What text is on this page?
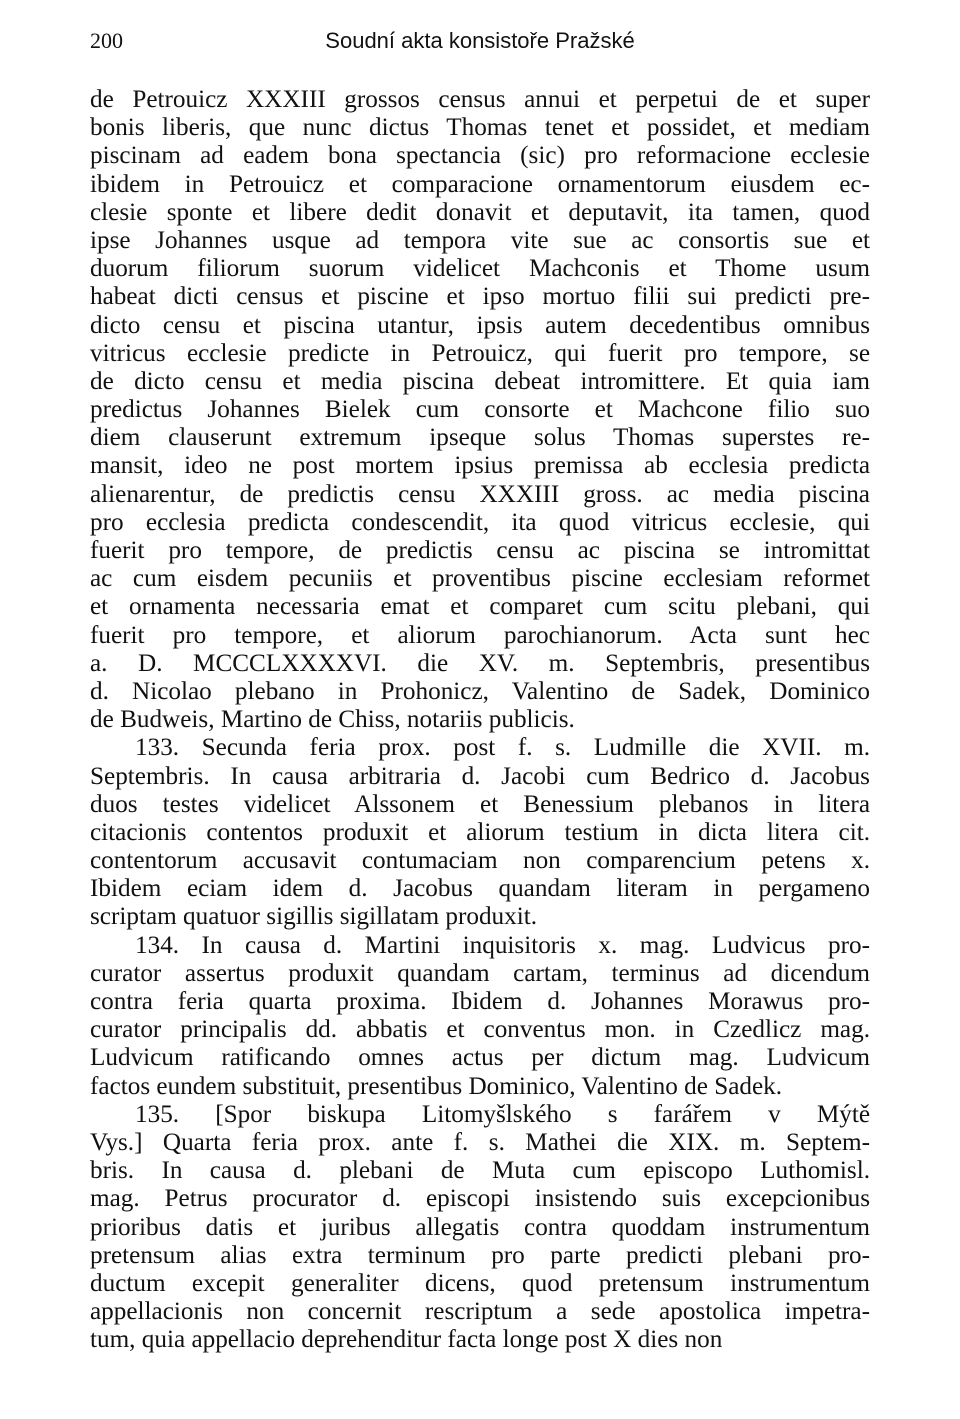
200	Soudní akta konsistoře Pražské
de Petrouicz XXXIII grossos census annui et perpetui de et super
bonis liberis, que nunc dictus Thomas tenet et possidet, et mediam
piscinam ad eadem bona spectancia (sic) pro reformacione ecclesie
ibidem in Petrouicz et comparacione ornamentorum eiusdem ec-
clesie sponte et libere dedit donavit et deputavit, ita tamen, quod
ipse Johannes usque ad tempora vite sue ac consortis sue et
duorum filiorum suorum videlicet Machconis et Thome usum
habeat dicti census et piscine et ipso mortuo filii sui predicti pre-
dicto censu et piscina utantur, ipsis autem decedentibus omnibus
vitricus ecclesie predicte in Petrouicz, qui fuerit pro tempore, se
de dicto censu et media piscina debeat intromittere. Et quia iam
predictus Johannes Bielek cum consorte et Machcone filio suo
diem clauserunt extremum ipseque solus Thomas superstes re-
mansit, ideo ne post mortem ipsius premissa ab ecclesia predicta
alienarentur, de predictis censu XXXIII gross. ac media piscina
pro ecclesia predicta condescendit, ita quod vitricus ecclesie, qui
fuerit pro tempore, de predictis censu ac piscina se intromittat
ac cum eisdem pecuniis et proventibus piscine ecclesiam reformet
et ornamenta necessaria emat et comparet cum scitu plebani, qui
fuerit pro tempore, et aliorum parochianorum. Acta sunt hec
a. D. MCCCLXXXXVI. die XV. m. Septembris, presentibus
d. Nicolao plebano in Prohonicz, Valentino de Sadek, Dominico
de Budweis, Martino de Chiss, notariis publicis.
133. Secunda feria prox. post f. s. Ludmille die XVII. m.
Septembris. In causa arbitraria d. Jacobi cum Bedrico d. Jacobus
duos testes videlicet Alssonem et Benessium plebanos in litera
citacionis contentos produxit et aliorum testium in dicta litera cit.
contentorum accusavit contumaciam non comparencium petens x.
Ibidem eciam idem d. Jacobus quandam literam in pergameno
scriptam quatuor sigillis sigillatam produxit.
134. In causa d. Martini inquisitoris x. mag. Ludvicus pro-
curator assertus produxit quandam cartam, terminus ad dicendum
contra feria quarta proxima. Ibidem d. Johannes Morawus pro-
curator principalis dd. abbatis et conventus mon. in Czedlicz mag.
Ludvicum ratificando omnes actus per dictum mag. Ludvicum
factos eundem substituit, presentibus Dominico, Valentino de Sadek.
135. [Spor biskupa Litomyšlského s farářem v Mýtě
Vys.] Quarta feria prox. ante f. s. Mathei die XIX. m. Septem-
bris. In causa d. plebani de Muta cum episcopo Luthomisl.
mag. Petrus procurator d. episcopi insistendo suis excepcionibus
prioribus datis et juribus allegatis contra quoddam instrumentum
pretensum alias extra terminum pro parte predicti plebani pro-
ductum excepit generaliter dicens, quod pretensum instrumentum
appellacionis non concernit rescriptum a sede apostolica impetra-
tum, quia appellacio deprehenditur facta longe post X dies non
